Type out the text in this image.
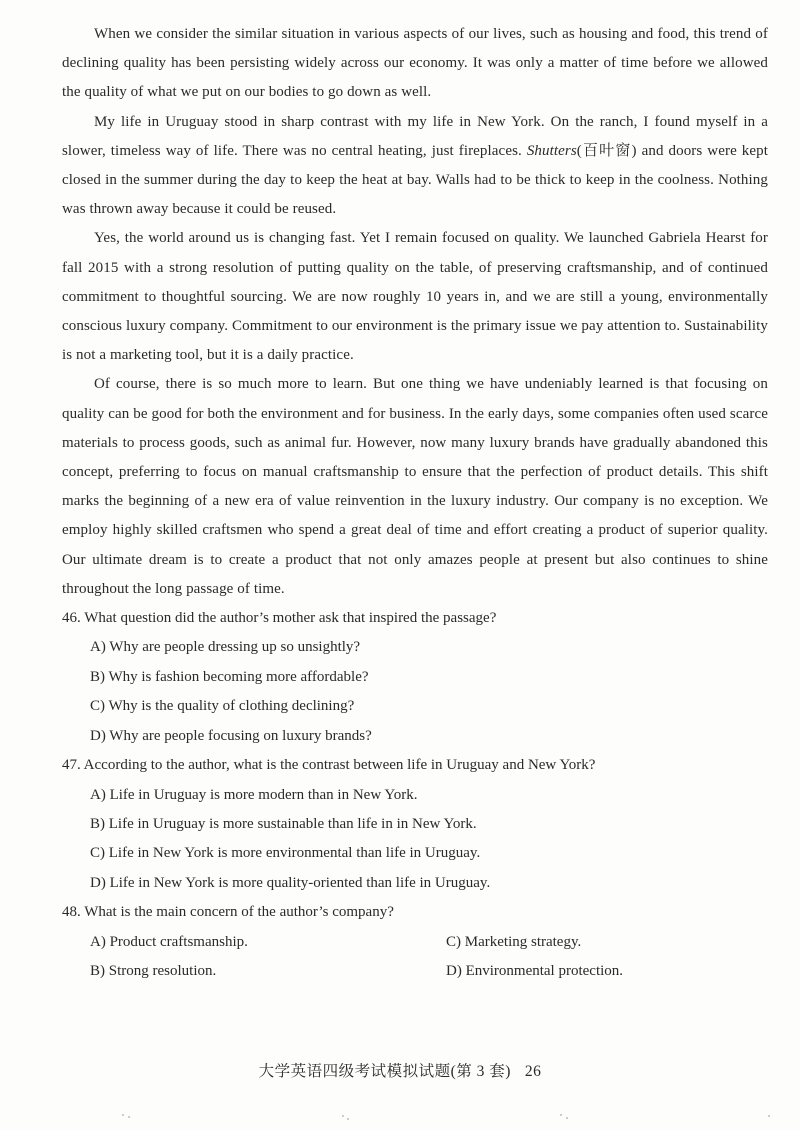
When we consider the similar situation in various aspects of our lives, such as housing and food, this trend of declining quality has been persisting widely across our economy. It was only a matter of time before we allowed the quality of what we put on our bodies to go down as well.

My life in Uruguay stood in sharp contrast with my life in New York. On the ranch, I found myself in a slower, timeless way of life. There was no central heating, just fireplaces. Shutters(百叶窗) and doors were kept closed in the summer during the day to keep the heat at bay. Walls had to be thick to keep in the coolness. Nothing was thrown away because it could be reused.

Yes, the world around us is changing fast. Yet I remain focused on quality. We launched Gabriela Hearst for fall 2015 with a strong resolution of putting quality on the table, of preserving craftsmanship, and of continued commitment to thoughtful sourcing. We are now roughly 10 years in, and we are still a young, environmentally conscious luxury company. Commitment to our environment is the primary issue we pay attention to. Sustainability is not a marketing tool, but it is a daily practice.

Of course, there is so much more to learn. But one thing we have undeniably learned is that focusing on quality can be good for both the environment and for business. In the early days, some companies often used scarce materials to process goods, such as animal fur. However, now many luxury brands have gradually abandoned this concept, preferring to focus on manual craftsmanship to ensure that the perfection of product details. This shift marks the beginning of a new era of value reinvention in the luxury industry. Our company is no exception. We employ highly skilled craftsmen who spend a great deal of time and effort creating a product of superior quality. Our ultimate dream is to create a product that not only amazes people at present but also continues to shine throughout the long passage of time.

46. What question did the author’s mother ask that inspired the passage?

A) Why are people dressing up so unsightly?

B) Why is fashion becoming more affordable?

C) Why is the quality of clothing declining?

D) Why are people focusing on luxury brands?

47. According to the author, what is the contrast between life in Uruguay and New York?

A) Life in Uruguay is more modern than in New York.

B) Life in Uruguay is more sustainable than life in in New York.

C) Life in New York is more environmental than life in Uruguay.

D) Life in New York is more quality-oriented than life in Uruguay.

48. What is the main concern of the author’s company?

A) Product craftsmanship.	C) Marketing strategy.

B) Strong resolution.	D) Environmental protection.

大学英语四级考试模拟试题(第 3 套) 26
